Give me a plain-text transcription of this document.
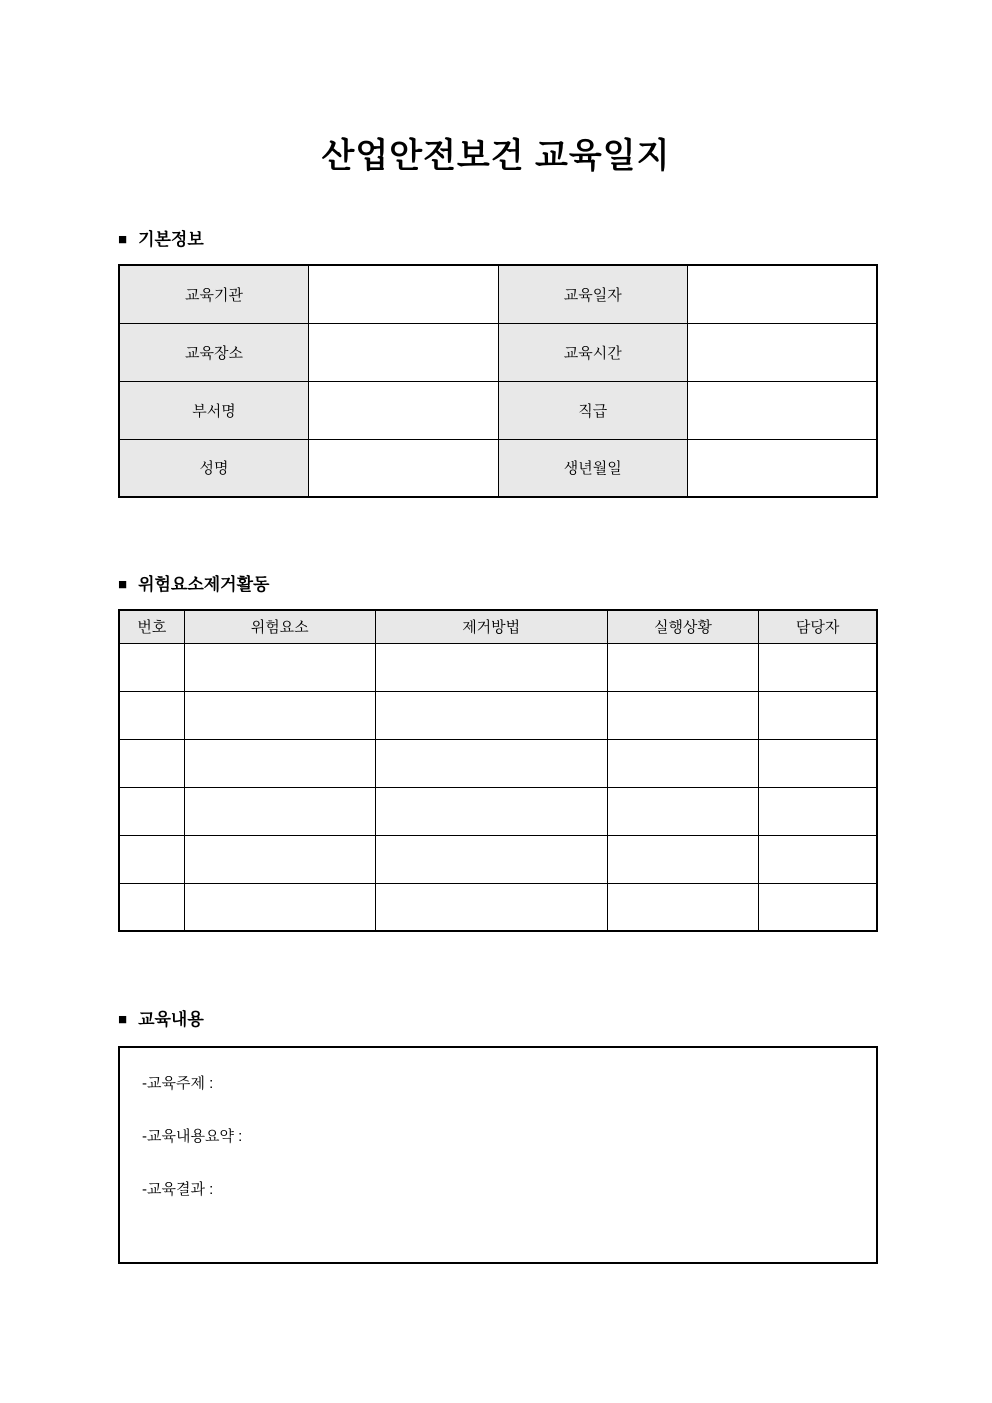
산업안전보건 교육일지
■ 기본정보
교육기관		교육일자	
교육장소		교육시간	
부서명		직급	
성명		생년월일	
■ 위험요소제거활동
번호	위험요소	제거방법	실행상황	담당자

■ 교육내용
-교육주제 :
-교육내용요약 :
-교육결과 :
